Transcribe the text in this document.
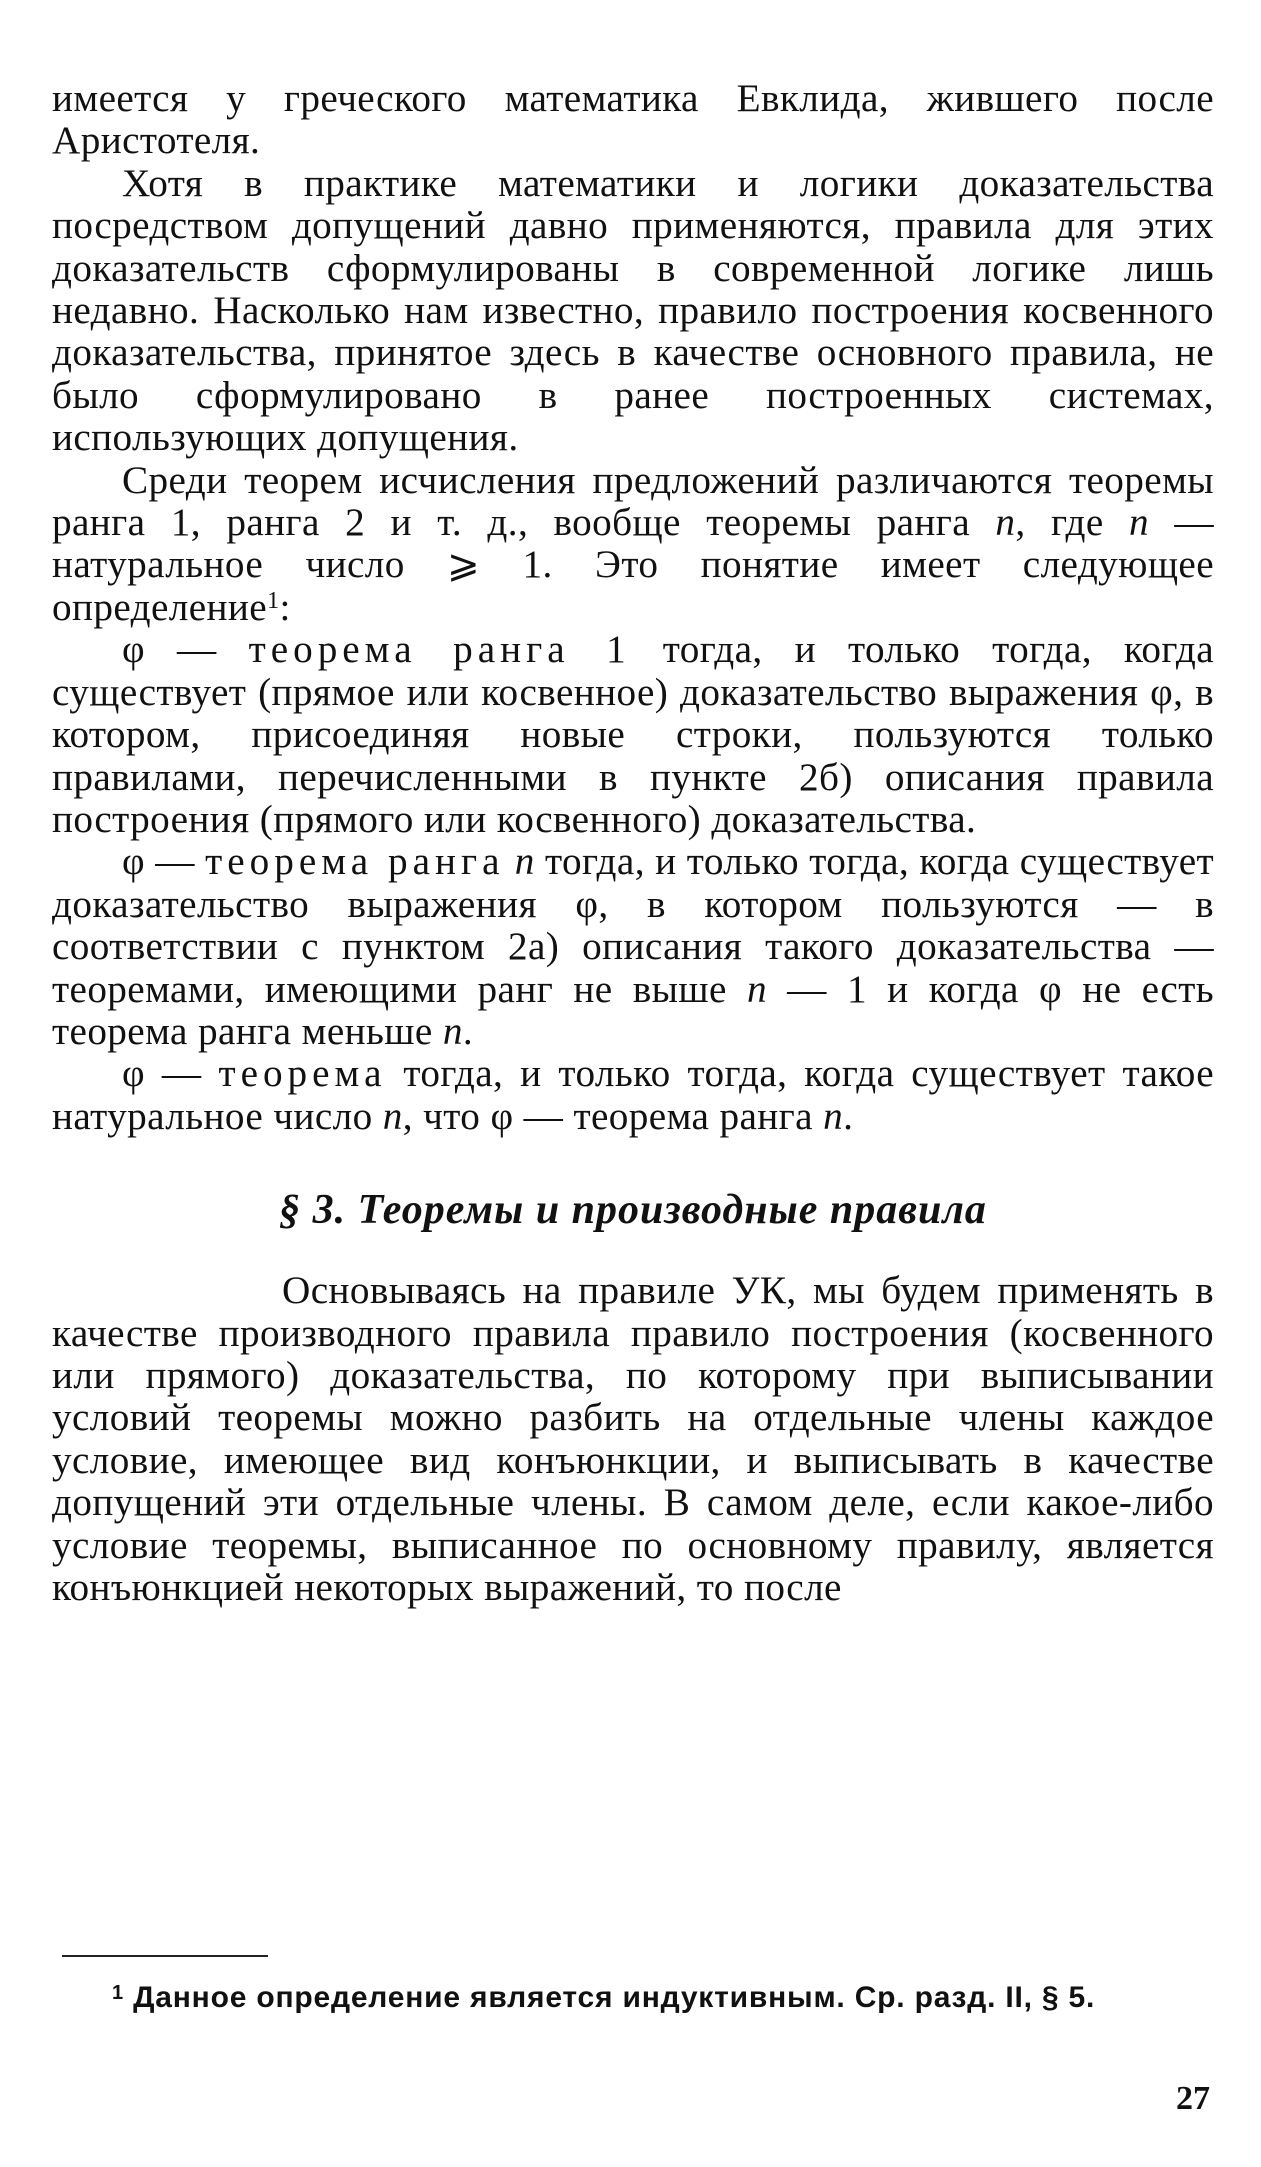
имеется у греческого математика Евклида, жившего после Аристотеля.

Хотя в практике математики и логики доказательства посредством допущений давно применяются, правила для этих доказательств сформулированы в современной логике лишь недавно. Насколько нам известно, правило построения косвенного доказательства, принятое здесь в качестве основного правила, не было сформулировано в ранее построенных системах, использующих допущения.

Среди теорем исчисления предложений различаются теоремы ранга 1, ранга 2 и т. д., вообще теоремы ранга n, где n — натуральное число ⩾ 1. Это понятие имеет следующее определение$^1$:

φ — теорема ранга 1 тогда, и только тогда, когда существует (прямое или косвенное) доказательство выражения φ, в котором, присоединяя новые строки, пользуются только правилами, перечисленными в пункте 2б) описания правила построения (прямого или косвенного) доказательства.

φ — теорема ранга n тогда, и только тогда, когда существует доказательство выражения φ, в котором пользуются — в соответствии с пунктом 2а) описания такого доказательства — теоремами, имеющими ранг не выше n — 1 и когда φ не есть теорема ранга меньше n.

φ — теорема тогда, и только тогда, когда существует такое натуральное число n, что φ — теорема ранга n.

§ 3. Теоремы и производные правила

Основываясь на правиле УК, мы будем применять в качестве производного правила правило построения (косвенного или прямого) доказательства, по которому при выписывании условий теоремы можно разбить на отдельные члены каждое условие, имеющее вид конъюнкции, и выписывать в качестве допущений эти отдельные члены. В самом деле, если какое-либо условие теоремы, выписанное по основному правилу, является конъюнкцией некоторых выражений, то после

$^1$ Данное определение является индуктивным. Ср. разд. II, § 5.
27
